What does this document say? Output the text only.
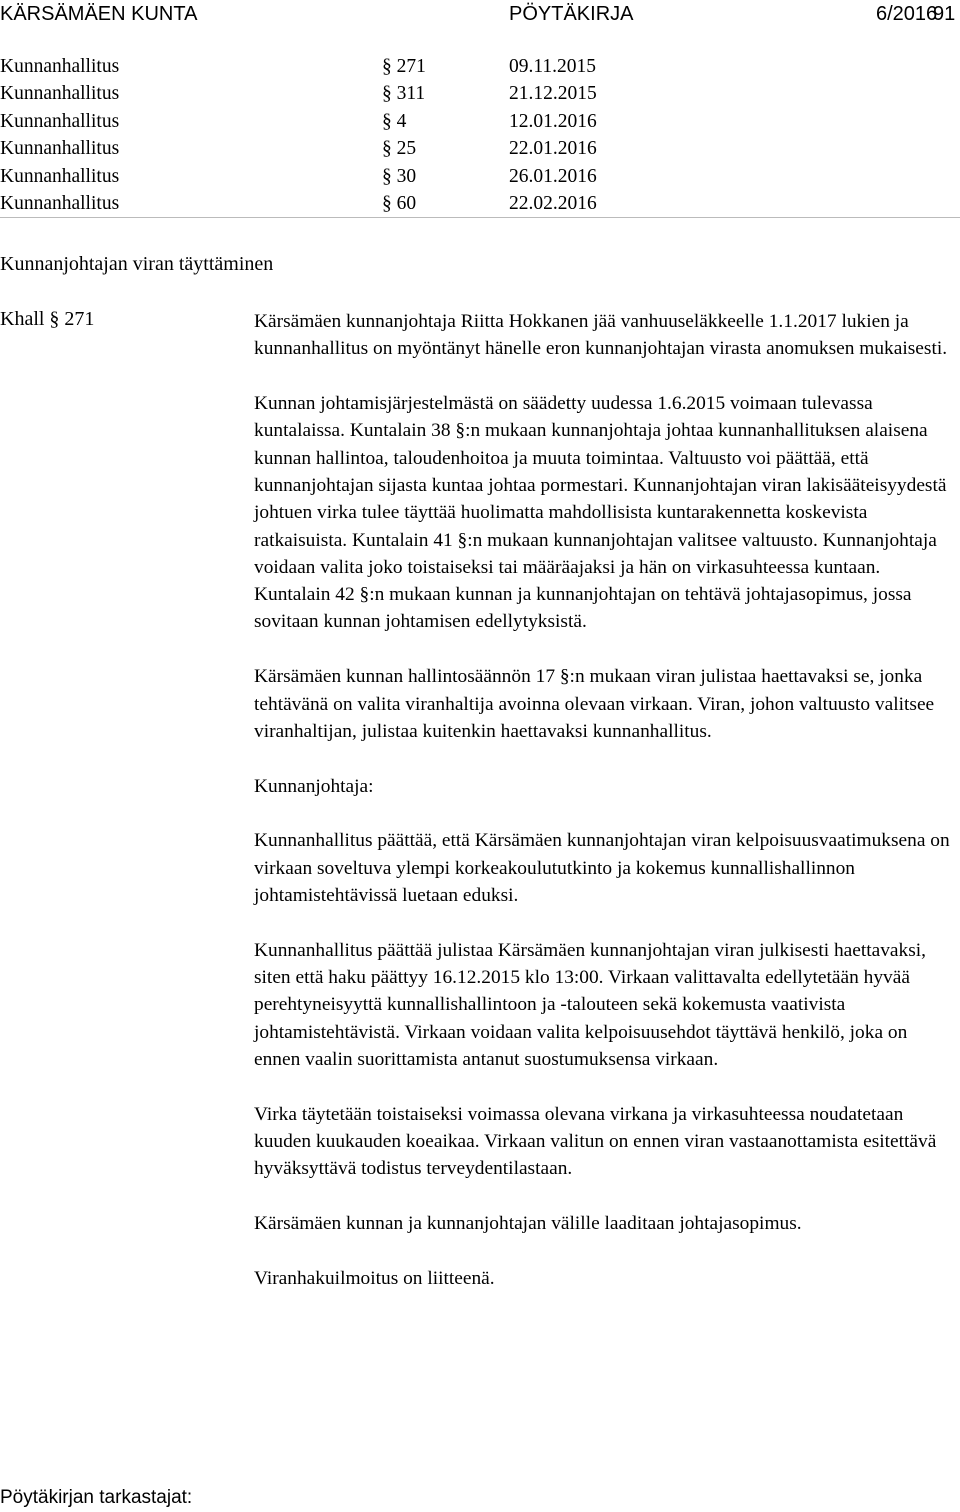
KÄRSÄMÄEN KUNTA	PÖYTÄKIRJA	6/2016
91
Kunnanhallitus	§ 271	09.11.2015
Kunnanhallitus	§ 311	21.12.2015
Kunnanhallitus	§ 4	12.01.2016
Kunnanhallitus	§ 25	22.01.2016
Kunnanhallitus	§ 30	26.01.2016
Kunnanhallitus	§ 60	22.02.2016
Kunnanjohtajan viran täyttäminen
Khall § 271	Kärsämäen kunnanjohtaja Riitta Hokkanen jää vanhuuseläkkeelle 1.1.2017 lukien ja kunnanhallitus on myöntänyt hänelle eron kunnanjohtajan virasta anomuksen mukaisesti.

Kunnan johtamisjärjestelmästä on säädetty uudessa 1.6.2015 voimaan tulevassa kuntalaissa. Kuntalain 38 §:n mukaan kunnanjohtaja johtaa kunnanhallituksen alaisena kunnan hallintoa, taloudenhoitoa ja muuta toimintaa. Valtuusto voi päättää, että kunnanjohtajan sijasta kuntaa johtaa pormestari. Kunnanjohtajan viran lakisääteisyydestä johtuen virka tulee täyttää huolimatta mahdollisista kuntarakennetta koskevista ratkaisuista. Kuntalain 41 §:n mukaan kunnanjohtajan valitsee valtuusto. Kunnanjohtaja voidaan valita joko toistaiseksi tai määräajaksi ja hän on virkasuhteessa kuntaan. Kuntalain 42 §:n mukaan kunnan ja kunnanjohtajan on tehtävä johtajasopimus, jossa sovitaan kunnan johtamisen edellytyksistä.

Kärsämäen kunnan hallintosäännön 17 §:n mukaan viran julistaa haettavaksi se, jonka tehtävänä on valita viranhaltija avoinna olevaan virkaan. Viran, johon valtuusto valitsee viranhaltijan, julistaa kuitenkin haettavaksi kunnanhallitus.

Kunnanjohtaja:

Kunnanhallitus päättää, että Kärsämäen kunnanjohtajan viran kelpoisuusvaatimuksena on virkaan soveltuva ylempi korkeakoulututkinto ja kokemus kunnallishallinnon johtamistehtävissä luetaan eduksi.

Kunnanhallitus päättää julistaa Kärsämäen kunnanjohtajan viran julkisesti haettavaksi, siten että haku päättyy 16.12.2015 klo 13:00. Virkaan valittavalta edellytetään hyvää perehtyneisyyttä kunnallishallintoon ja -talouteen sekä kokemusta vaativista johtamistehtävistä. Virkaan voidaan valita kelpoisuusehdot täyttävä henkilö, joka on ennen vaalin suorittamista antanut suostumuksensa virkaan.

Virka täytetään toistaiseksi voimassa olevana virkana ja virkasuhteessa noudatetaan kuuden kuukauden koeaikaa. Virkaan valitun on ennen viran vastaanottamista esitettävä hyväksyttävä todistus terveydentilastaan.

Kärsämäen kunnan ja kunnanjohtajan välille laaditaan johtajasopimus.

Viranhakuilmoitus on liitteenä.

Pöytäkirjan tarkastajat:
